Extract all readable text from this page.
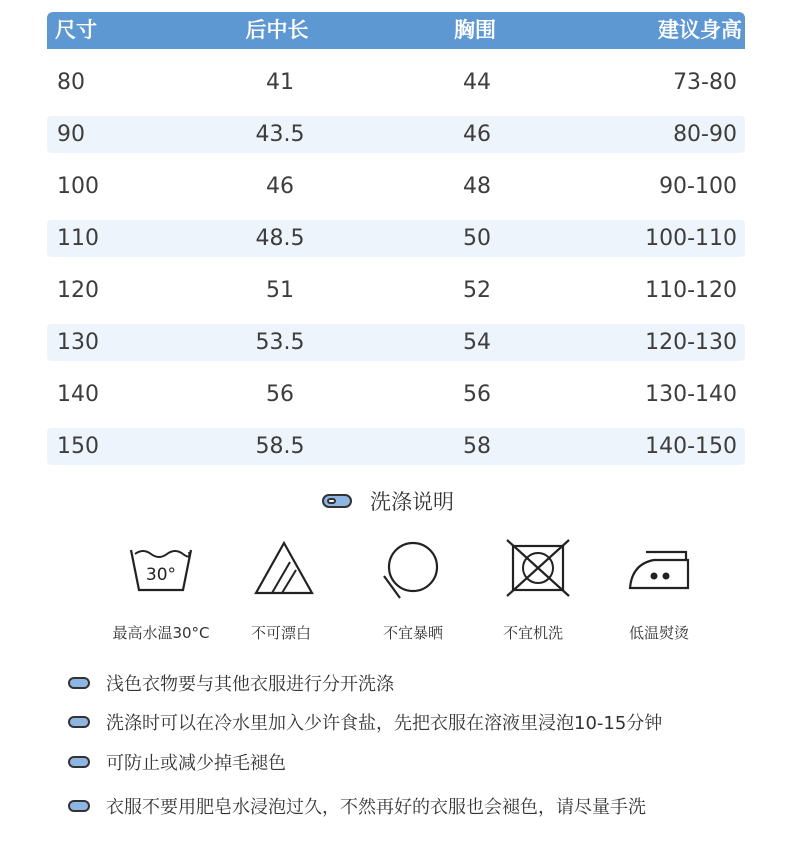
尺寸	后中长	胸围	建议身高
80	41	44	73-80
90	43.5	46	80-90
100	46	48	90-100
110	48.5	50	100-110
120	51	52	110-120
130	53.5	54	120-130
140	56	56	130-140
150	58.5	58	140-150
洗涤说明
30°
最高水温30°C	不可漂白	不宜暴晒	不宜机洗	低温熨烫
浅色衣物要与其他衣服进行分开洗涤
洗涤时可以在冷水里加入少许食盐，先把衣服在溶液里浸泡10-15分钟
可防止或减少掉毛褪色
衣服不要用肥皂水浸泡过久，不然再好的衣服也会褪色，请尽量手洗
